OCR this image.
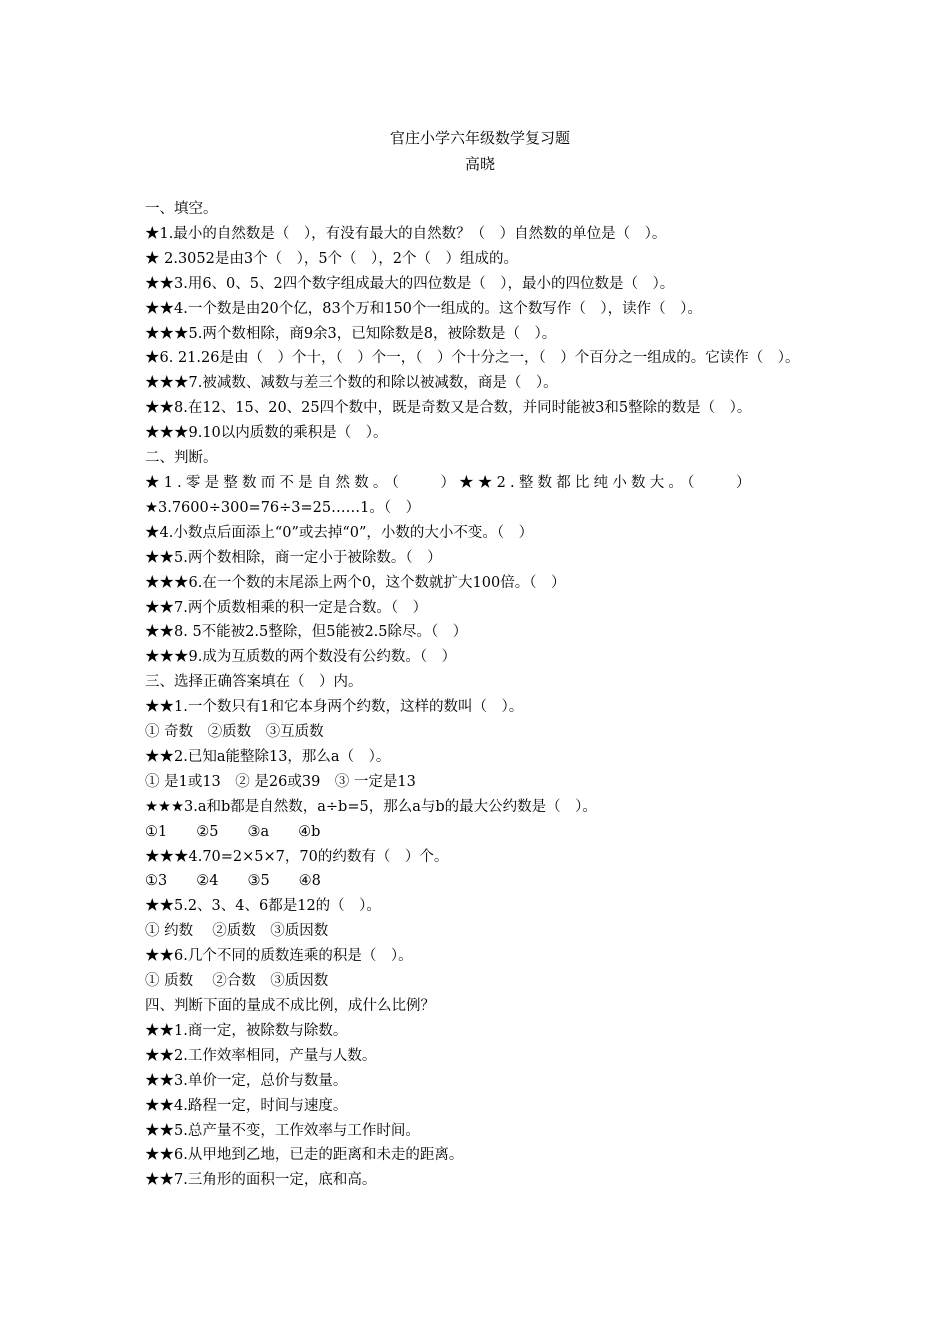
官庄小学六年级数学复习题

高晓

一、填空。

★1.最小的自然数是（　），有没有最大的自然数？（　）自然数的单位是（　）。

★ 2.3052是由3个（　），5个（　），2个（　）组成的。

★★3.用6、0、5、2四个数字组成最大的四位数是（　），最小的四位数是（　）。

★★4.一个数是由20个亿，83个万和150个一组成的。这个数写作（　），读作（　）。

★★★5.两个数相除，商9余3，已知除数是8，被除数是（　）。

★6. 21.26是由（　）个十，（　）个一，（　）个十分之一，（　）个百分之一组成的。它读作（　）。

★★★7.被减数、减数与差三个数的和除以被减数，商是（　）。

★★8.在12、15、20、25四个数中，既是奇数又是合数，并同时能被3和5整除的数是（　）。

★★★9.10以内质数的乘积是（　）。

二、判断。

★1.零是整数而不是自然数。（　　）★★2.整数都比纯小数大。（　　）

★3.7600÷300=76÷3=25……1。（　）

★4.小数点后面添上“0”或去掉“0”，小数的大小不变。（　）

★★5.两个数相除，商一定小于被除数。（　）

★★★6.在一个数的末尾添上两个0，这个数就扩大100倍。（　）

★★7.两个质数相乘的积一定是合数。（　）

★★8. 5不能被2.5整除，但5能被2.5除尽。（　）

★★★9.成为互质数的两个数没有公约数。（　）

三、选择正确答案填在（　）内。

★★1.一个数只有1和它本身两个约数，这样的数叫（　）。

① 奇数　②质数　③互质数

★★2.已知a能整除13，那么a（　）。

① 是1或13　② 是26或39　③ 一定是13

★★★3.a和b都是自然数，a÷b=5，那么a与b的最大公约数是（　）。

①1　　②5　　③a　　④b

★★★4.70=2×5×7，70的约数有（　）个。

①3　　②4　　③5　　④8

★★5.2、3、4、6都是12的（　）。

① 约数　 ②质数　③质因数

★★6.几个不同的质数连乘的积是（　）。

① 质数　 ②合数　③质因数

四、判断下面的量成不成比例，成什么比例？

★★1.商一定，被除数与除数。

★★2.工作效率相同，产量与人数。

★★3.单价一定，总价与数量。

★★4.路程一定，时间与速度。

★★5.总产量不变，工作效率与工作时间。

★★6.从甲地到乙地，已走的距离和未走的距离。

★★7.三角形的面积一定，底和高。
